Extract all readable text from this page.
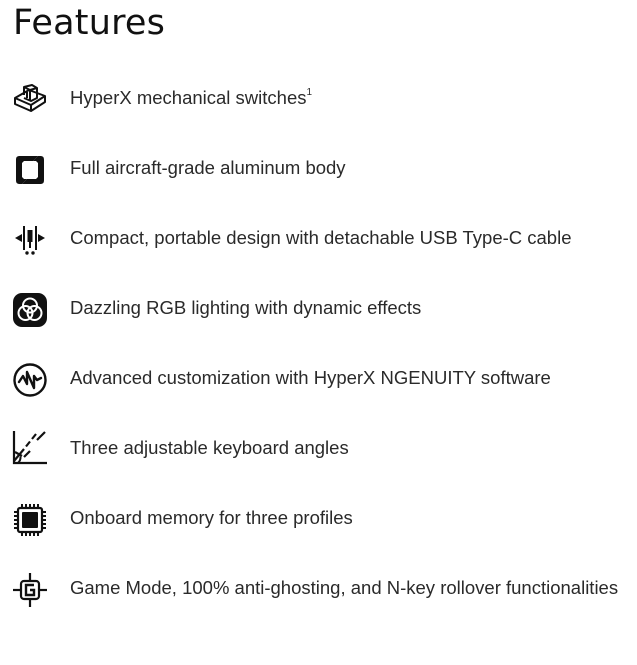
Features
HyperX mechanical switches$^1$
Full aircraft-grade aluminum body
Compact, portable design with detachable USB Type-C cable
Dazzling RGB lighting with dynamic effects
Advanced customization with HyperX NGENUITY software
Three adjustable keyboard angles
Onboard memory for three profiles
Game Mode, 100% anti-ghosting, and N-key rollover functionalities
